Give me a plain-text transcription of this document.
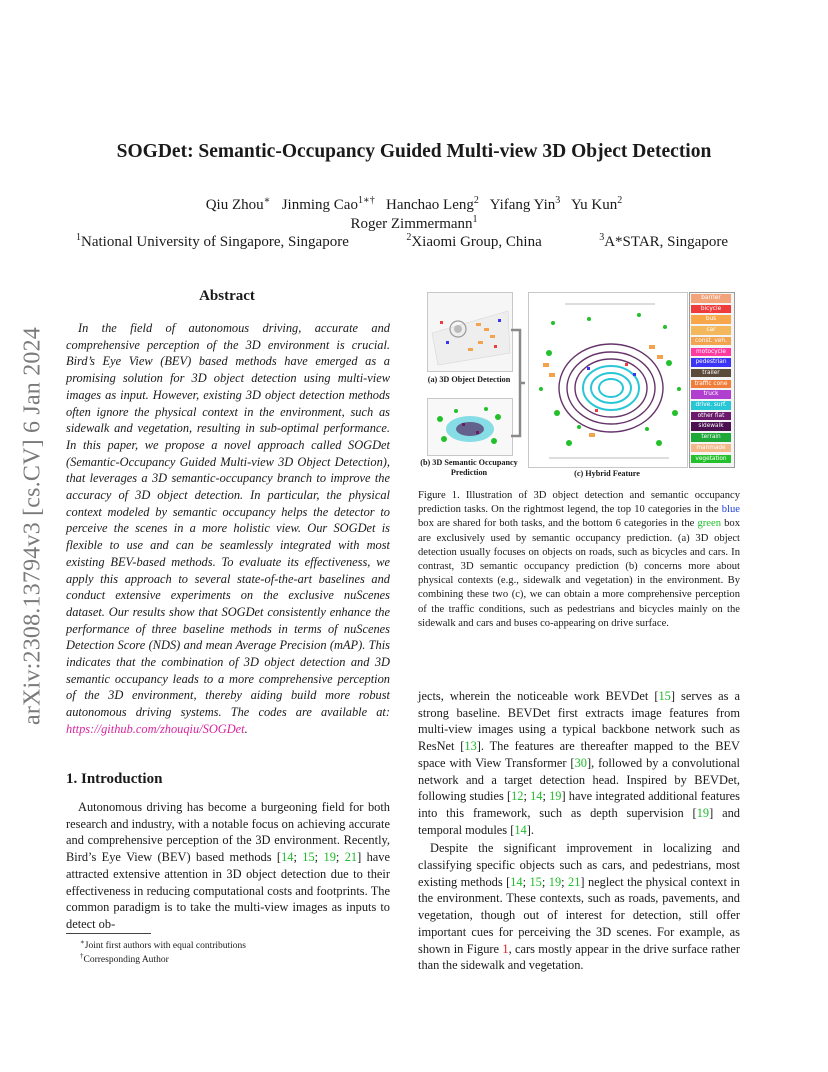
arXiv:2308.13794v3 [cs.CV] 6 Jan 2024
SOGDet: Semantic-Occupancy Guided Multi-view 3D Object Detection
Qiu Zhou∗ Jinming Cao$^{1∗\dagger}$ Hanchao Leng$^2$ Yifang Yin$^3$ Yu Kun$^2$
Roger Zimmermann$^1$
$^1$National University of Singapore, Singapore	$^2$Xiaomi Group, China	$^3$A*STAR, Singapore
Abstract
In the field of autonomous driving, accurate and comprehensive perception of the 3D environment is crucial. Bird’s Eye View (BEV) based methods have emerged as a promising solution for 3D object detection using multi-view images as input. However, existing 3D object detection methods often ignore the physical context in the environment, such as sidewalk and vegetation, resulting in sub-optimal performance. In this paper, we propose a novel approach called SOGDet (Semantic-Occupancy Guided Multi-view 3D Object Detection), that leverages a 3D semantic-occupancy branch to improve the accuracy of 3D object detection. In particular, the physical context modeled by semantic occupancy helps the detector to perceive the scenes in a more holistic view. Our SOGDet is flexible to use and can be seamlessly integrated with most existing BEV-based methods. To evaluate its effectiveness, we apply this approach to several state-of-the-art baselines and conduct extensive experiments on the exclusive nuScenes dataset. Our results show that SOGDet consistently enhance the performance of three baseline methods in terms of nuScenes Detection Score (NDS) and mean Average Precision (mAP). This indicates that the combination of 3D object detection and 3D semantic occupancy leads to a more comprehensive perception of the 3D environment, thereby aiding build more robust autonomous driving systems. The codes are available at: https://github.com/zhouqiu/SOGDet.
1. Introduction
Autonomous driving has become a burgeoning field for both research and industry, with a notable focus on achieving accurate and comprehensive perception of the 3D environment. Recently, Bird’s Eye View (BEV) based methods [14; 15; 19; 21] have attracted extensive attention in 3D object detection due to their effectiveness in reducing computational costs and footprints. The common paradigm is to take the multi-view images as inputs to detect ob-
∗Joint first authors with equal contributions
†Corresponding Author
(a) 3D Object Detection
(b) 3D Semantic Occupancy Prediction	(c) Hybrid Feature
barrier
bicycle
bus
car
const. veh.
motocycle
pedestrian
trailer
traffic cone
truck
drive. surf.
other flat
sidewalk
terrain
manmade
vegetation
Figure 1. Illustration of 3D object detection and semantic occupancy prediction tasks. On the rightmost legend, the top 10 categories in the blue box are shared for both tasks, and the bottom 6 categories in the green box are exclusively used by semantic occupancy prediction. (a) 3D object detection usually focuses on objects on roads, such as bicycles and cars. In contrast, 3D semantic occupancy prediction (b) concerns more about physical contexts (e.g., sidewalk and vegetation) in the environment. By combining these two (c), we can obtain a more comprehensive perception of the traffic conditions, such as pedestrians and bicycles mainly on the sidewalk and cars and buses co-appearing on drive surface.

jects, wherein the noticeable work BEVDet [15] serves as a strong baseline. BEVDet first extracts image features from multi-view images using a typical backbone network such as ResNet [13]. The features are thereafter mapped to the BEV space with View Transformer [30], followed by a convolutional network and a target detection head. Inspired by BEVDet, following studies [12; 14; 19] have integrated additional features into this framework, such as depth supervision [19] and temporal modules [14].

Despite the significant improvement in localizing and classifying specific objects such as cars, and pedestrians, most existing methods [14; 15; 19; 21] neglect the physical context in the environment. These contexts, such as roads, pavements, and vegetation, though out of interest for detection, still offer important cues for perceiving the 3D scenes. For example, as shown in Figure 1, cars mostly appear in the drive surface rather than the sidewalk and vegetation.
